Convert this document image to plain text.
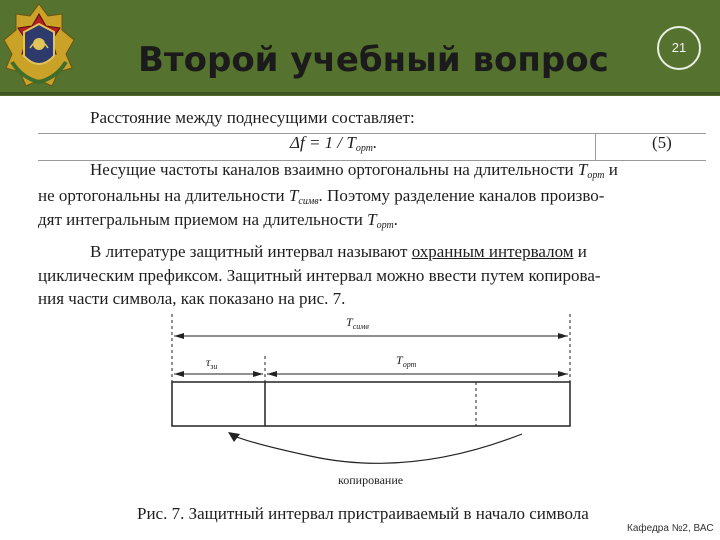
Второй учебный вопрос	21
Расстояние между поднесущими составляет:
$\Delta f = 1 / T_{орт}$.	(5)
Несущие частоты каналов взаимно ортогональны на длительности $T_{орт}$ и
не ортогональны на длительности $T_{симв}$. Поэтому разделение каналов произво-
дят интегральным приемом на длительности $T_{орт}$.
В литературе защитный интервал называют охранным интервалом и
циклическим префиксом. Защитный интервал можно ввести путем копирова-
ния части символа, как показано на рис. 7.
$T_{симв}$
$\tau_{зи}$	$T_{орт}$
копирование
Рис. 7. Защитный интервал пристраиваемый в начало символа
Кафедра №2, ВАС
